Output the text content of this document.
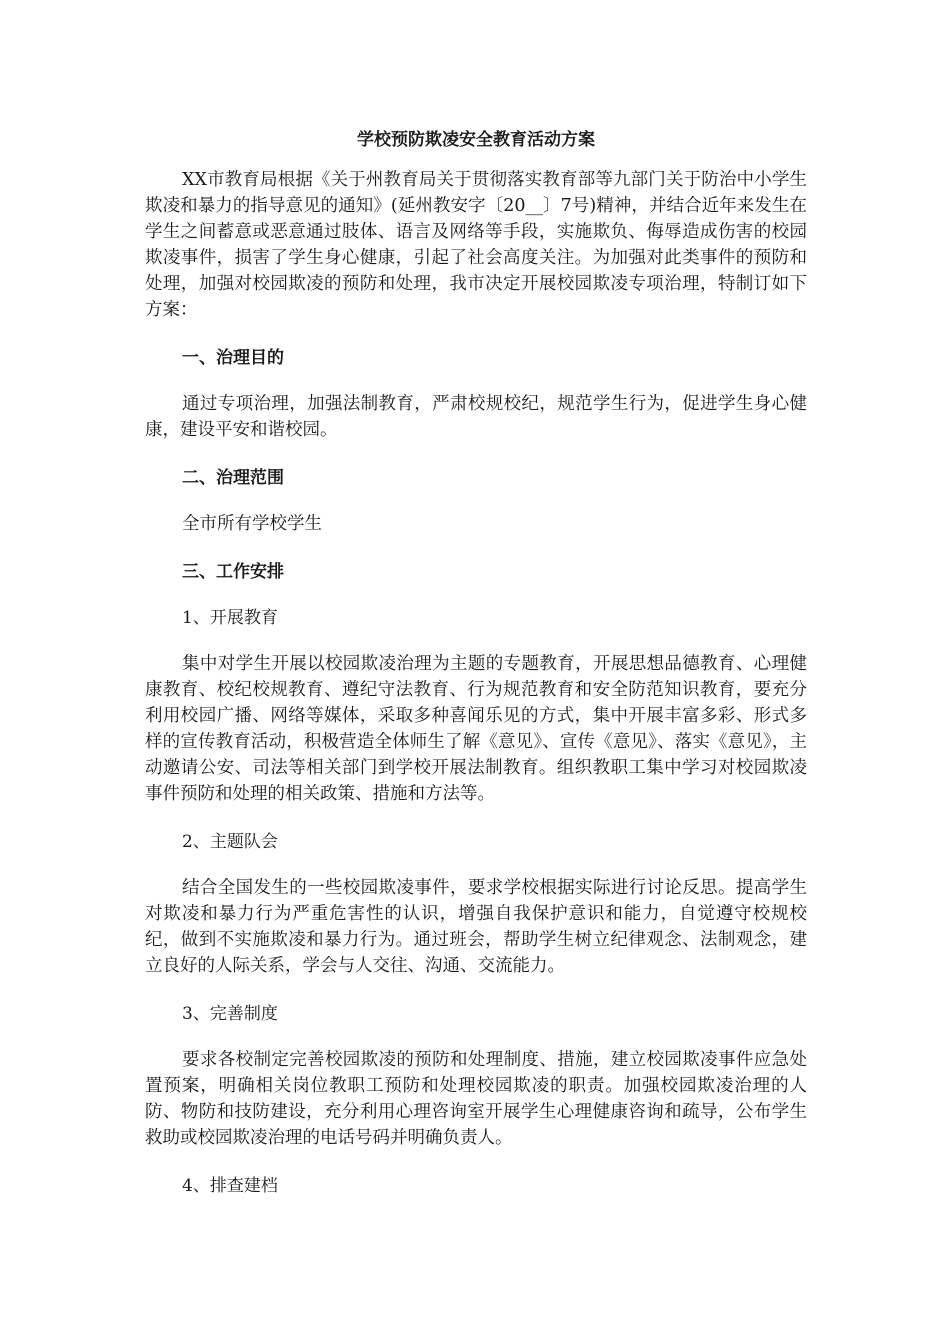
学校预防欺凌安全教育活动方案

XX市教育局根据《关于州教育局关于贯彻落实教育部等九部门关于防治中小学生欺凌和暴力的指导意见的通知》(延州教安字〔20__〕7号)精神，并结合近年来发生在学生之间蓄意或恶意通过肢体、语言及网络等手段，实施欺负、侮辱造成伤害的校园欺凌事件，损害了学生身心健康，引起了社会高度关注。为加强对此类事件的预防和处理，加强对校园欺凌的预防和处理，我市决定开展校园欺凌专项治理，特制订如下方案：

一、治理目的

通过专项治理，加强法制教育，严肃校规校纪，规范学生行为，促进学生身心健康，建设平安和谐校园。

二、治理范围

全市所有学校学生

三、工作安排

1、开展教育

集中对学生开展以校园欺凌治理为主题的专题教育，开展思想品德教育、心理健康教育、校纪校规教育、遵纪守法教育、行为规范教育和安全防范知识教育，要充分利用校园广播、网络等媒体，采取多种喜闻乐见的方式，集中开展丰富多彩、形式多样的宣传教育活动，积极营造全体师生了解《意见》、宣传《意见》、落实《意见》，主动邀请公安、司法等相关部门到学校开展法制教育。组织教职工集中学习对校园欺凌事件预防和处理的相关政策、措施和方法等。

2、主题队会

结合全国发生的一些校园欺凌事件，要求学校根据实际进行讨论反思。提高学生对欺凌和暴力行为严重危害性的认识，增强自我保护意识和能力，自觉遵守校规校纪，做到不实施欺凌和暴力行为。通过班会，帮助学生树立纪律观念、法制观念，建立良好的人际关系，学会与人交往、沟通、交流能力。

3、完善制度

要求各校制定完善校园欺凌的预防和处理制度、措施，建立校园欺凌事件应急处置预案，明确相关岗位教职工预防和处理校园欺凌的职责。加强校园欺凌治理的人防、物防和技防建设，充分利用心理咨询室开展学生心理健康咨询和疏导，公布学生救助或校园欺凌治理的电话号码并明确负责人。

4、排查建档
